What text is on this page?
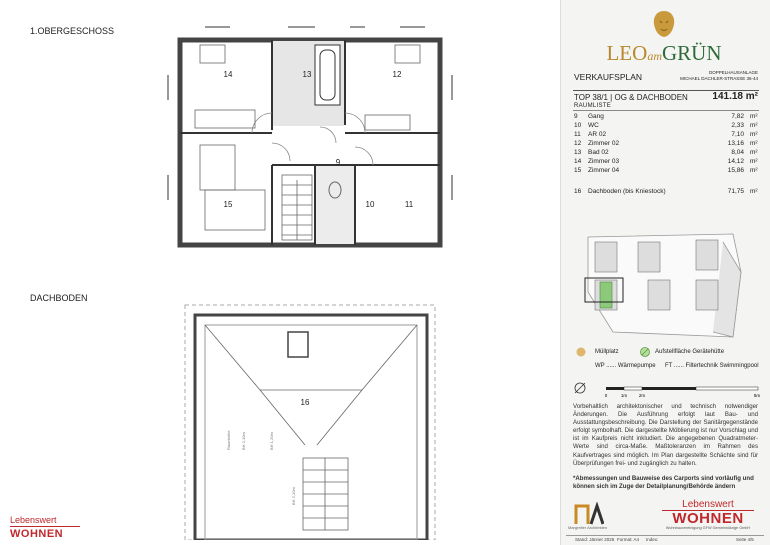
1.OBERGESCHOSS
DACHBODEN
14	13	12
9
15	10	11
16
Raumhöhe	BH 2,10m	BH 1,20m
BH 2,10m
Lebenswert
WOHNEN
LEOamGRÜN
VERKAUFSPLAN	DOPPELHAUSANLAGE
MICHAEL DACHLER-STRASSE 36-44
TOP 38/1 | OG & DACHBODEN	141.18 m²
RAUMLISTE
9 Gang	7,82 m²
10 WC	2,33 m²
11 AR 02	7,10 m²
12 Zimmer 02	13,16 m²
13 Bad 02	8,04 m²
14 Zimmer 03	14,12 m²
15 Zimmer 04	15,86 m²
16 Dachboden (bis Kniestock)	71,75 m²
Müllplatz	Aufstellfläche Gerätehütte
WP ...... Wärmepumpe FT ...... Filtertechnik Swimmingpool
0	1m	2m	5m
Vorbehaltlich architektonischer und technisch notwendiger Änderungen. Die Ausführung erfolgt laut Bau- und Ausstattungsbeschreibung. Die Darstellung der Sanitärgegenstände erfolgt symbolhaft. Die dargestellte Möblierung ist nur Vorschlag und ist im Kaufpreis nicht inkludiert. Die angegebenen Quadratmeter-Werte sind circa-Maße. Maßtoleranzen im Rahmen des Kaufvertrages sind möglich. Im Plan dargestellte Schächte sind für Überprüfungen frei- und zugänglich zu halten.
*Abmessungen und Bauweise des Carports sind vorläufig und können sich im Zuge der Detailplanung/Behörde ändern
Margreiter Architekten
Lebenswert
WOHNEN
Wohnbauvereinigung GFW Gemeinnützige GmbH
Stand: Jänner 2026 Format: A4 Index:	Seite 4/5
